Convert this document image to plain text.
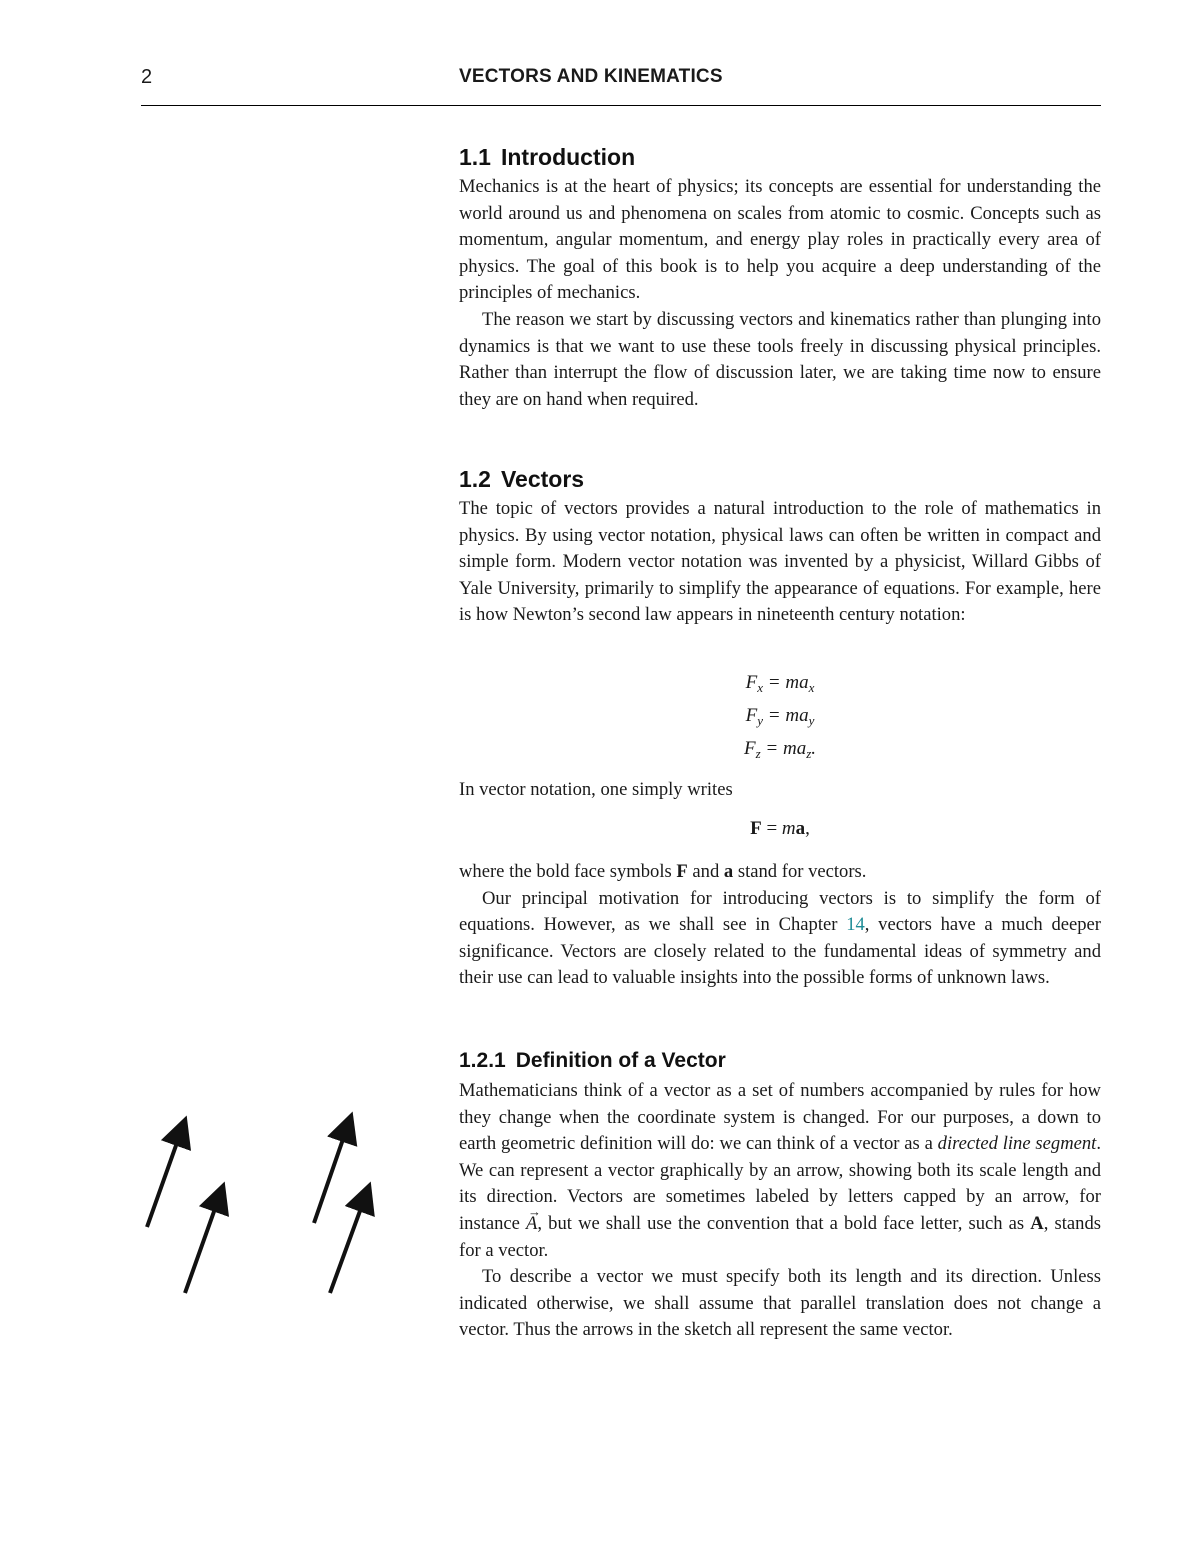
2	VECTORS AND KINEMATICS
1.1 Introduction

Mechanics is at the heart of physics; its concepts are essential for understanding the world around us and phenomena on scales from atomic to cosmic. Concepts such as momentum, angular momentum, and energy play roles in practically every area of physics. The goal of this book is to help you acquire a deep understanding of the principles of mechanics.

The reason we start by discussing vectors and kinematics rather than plunging into dynamics is that we want to use these tools freely in discussing physical principles. Rather than interrupt the flow of discussion later, we are taking time now to ensure they are on hand when required.

1.2 Vectors

The topic of vectors provides a natural introduction to the role of mathematics in physics. By using vector notation, physical laws can often be written in compact and simple form. Modern vector notation was invented by a physicist, Willard Gibbs of Yale University, primarily to simplify the appearance of equations. For example, here is how Newton’s second law appears in nineteenth century notation:

$F_x = ma_x$
$F_y = ma_y$
$F_z = ma_z$.

In vector notation, one simply writes

F = ma,

where the bold face symbols F and a stand for vectors.

Our principal motivation for introducing vectors is to simplify the form of equations. However, as we shall see in Chapter 14, vectors have a much deeper significance. Vectors are closely related to the fundamental ideas of symmetry and their use can lead to valuable insights into the possible forms of unknown laws.

1.2.1 Definition of a Vector

Mathematicians think of a vector as a set of numbers accompanied by rules for how they change when the coordinate system is changed. For our purposes, a down to earth geometric definition will do: we can think of a vector as a directed line segment. We can represent a vector graphically by an arrow, showing both its scale length and its direction. Vectors are sometimes labeled by letters capped by an arrow, for instance A
→
, but we shall use the convention that a bold face letter, such as A, stands for a vector.

To describe a vector we must specify both its length and its direction. Unless indicated otherwise, we shall assume that parallel translation does not change a vector. Thus the arrows in the sketch all represent the same vector.
